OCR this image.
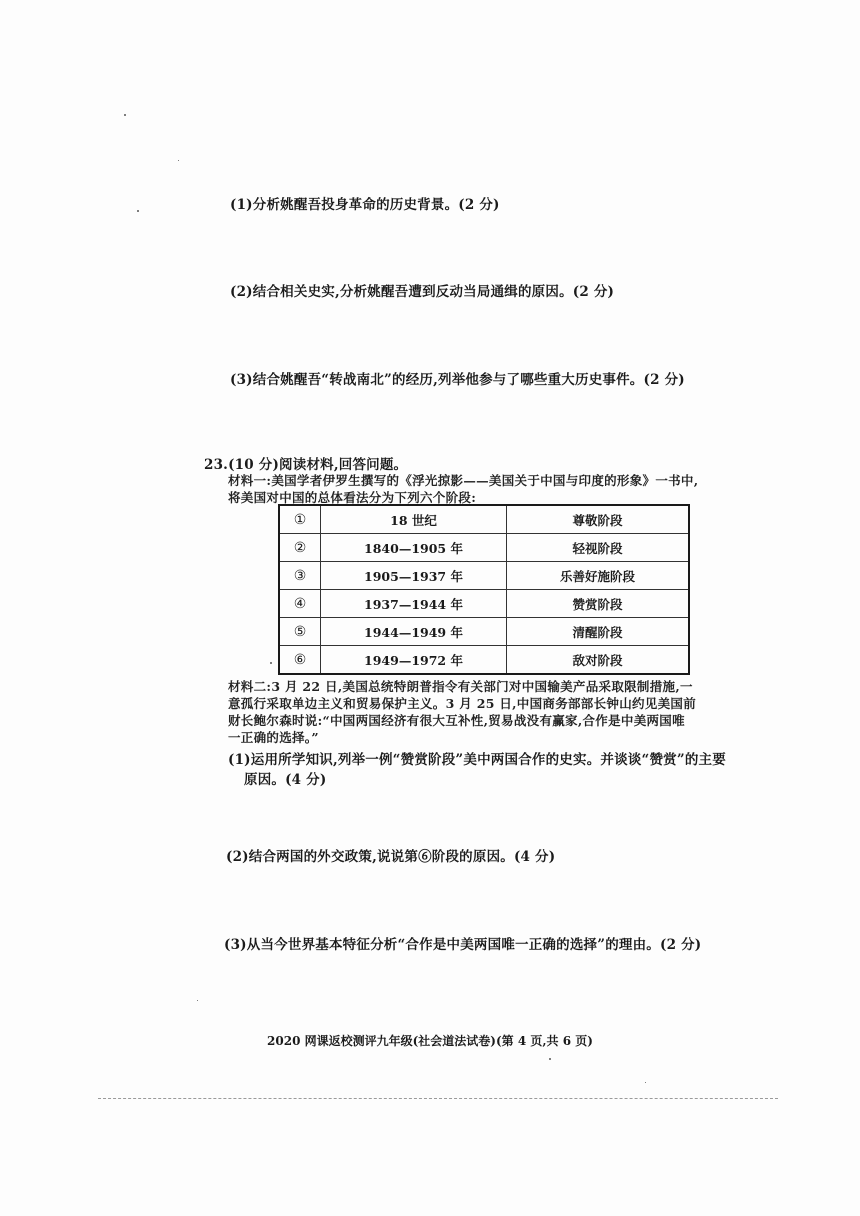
(1)分析姚醒吾投身革命的历史背景。(2 分)
(2)结合相关史实,分析姚醒吾遭到反动当局通缉的原因。(2 分)
(3)结合姚醒吾“转战南北”的经历,列举他参与了哪些重大历史事件。(2 分)
23.(10 分)阅读材料,回答问题。
材料一:美国学者伊罗生撰写的《浮光掠影——美国关于中国与印度的形象》一书中,
将美国对中国的总体看法分为下列六个阶段:
①	18 世纪	尊敬阶段
②	1840—1905 年	轻视阶段
③	1905—1937 年	乐善好施阶段
④	1937—1944 年	赞赏阶段
⑤	1944—1949 年	清醒阶段
⑥	1949—1972 年	敌对阶段
材料二:3 月 22 日,美国总统特朗普指令有关部门对中国输美产品采取限制措施,一
意孤行采取单边主义和贸易保护主义。3 月 25 日,中国商务部部长钟山约见美国前
财长鲍尔森时说:“中国两国经济有很大互补性,贸易战没有赢家,合作是中美两国唯
一正确的选择。”
(1)运用所学知识,列举一例“赞赏阶段”美中两国合作的史实。并谈谈“赞赏”的主要
原因。(4 分)
(2)结合两国的外交政策,说说第⑥阶段的原因。(4 分)
(3)从当今世界基本特征分析“合作是中美两国唯一正确的选择”的理由。(2 分)
2020 网课返校测评九年级(社会道法试卷)(第 4 页,共 6 页)
